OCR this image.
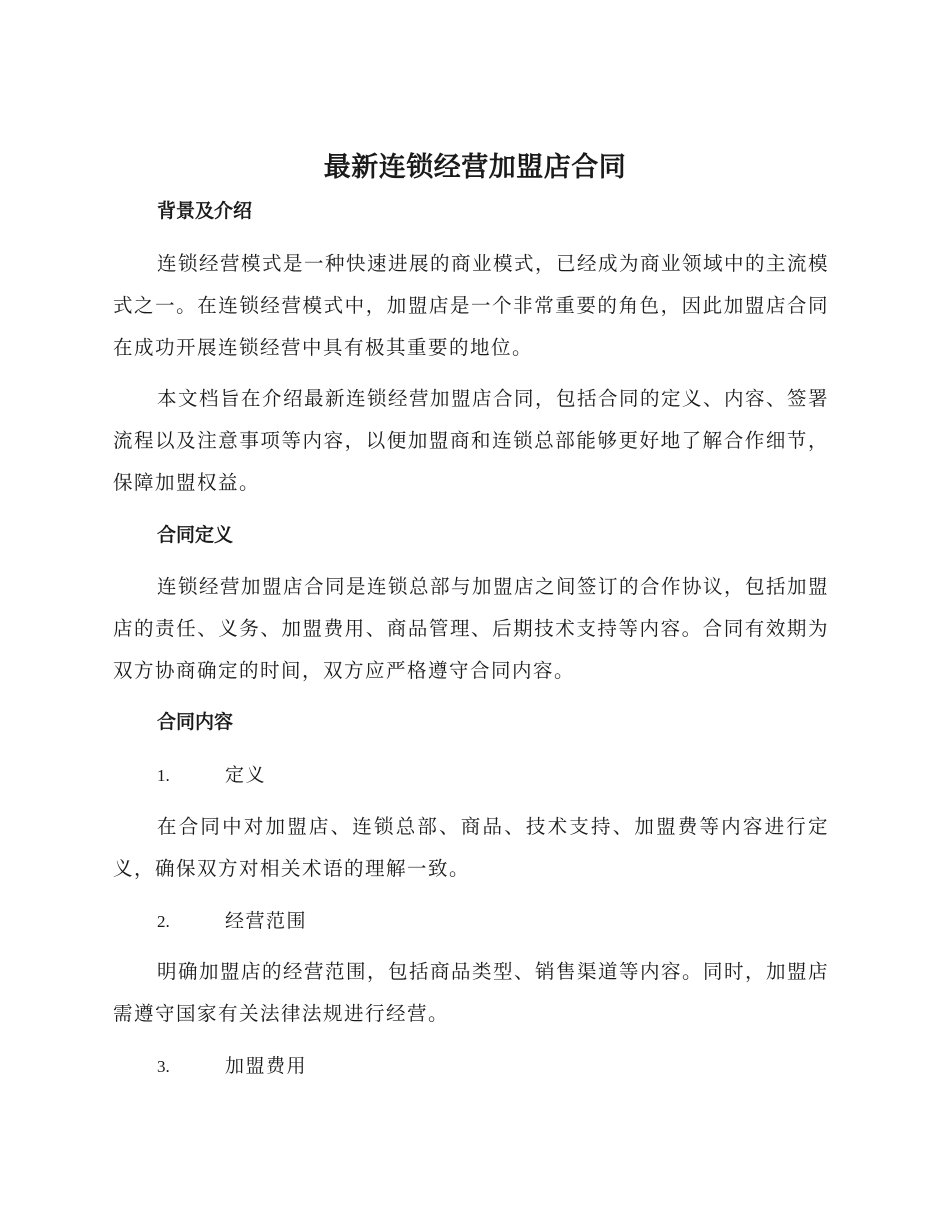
最新连锁经营加盟店合同
背景及介绍

连锁经营模式是一种快速进展的商业模式，已经成为商业领域中的主流模式之一。在连锁经营模式中，加盟店是一个非常重要的角色，因此加盟店合同在成功开展连锁经营中具有极其重要的地位。

本文档旨在介绍最新连锁经营加盟店合同，包括合同的定义、内容、签署流程以及注意事项等内容，以便加盟商和连锁总部能够更好地了解合作细节，保障加盟权益。

合同定义

连锁经营加盟店合同是连锁总部与加盟店之间签订的合作协议，包括加盟店的责任、义务、加盟费用、商品管理、后期技术支持等内容。合同有效期为双方协商确定的时间，双方应严格遵守合同内容。

合同内容
1.	定义

在合同中对加盟店、连锁总部、商品、技术支持、加盟费等内容进行定义，确保双方对相关术语的理解一致。

2.	经营范围

明确加盟店的经营范围，包括商品类型、销售渠道等内容。同时，加盟店需遵守国家有关法律法规进行经营。

3.	加盟费用
